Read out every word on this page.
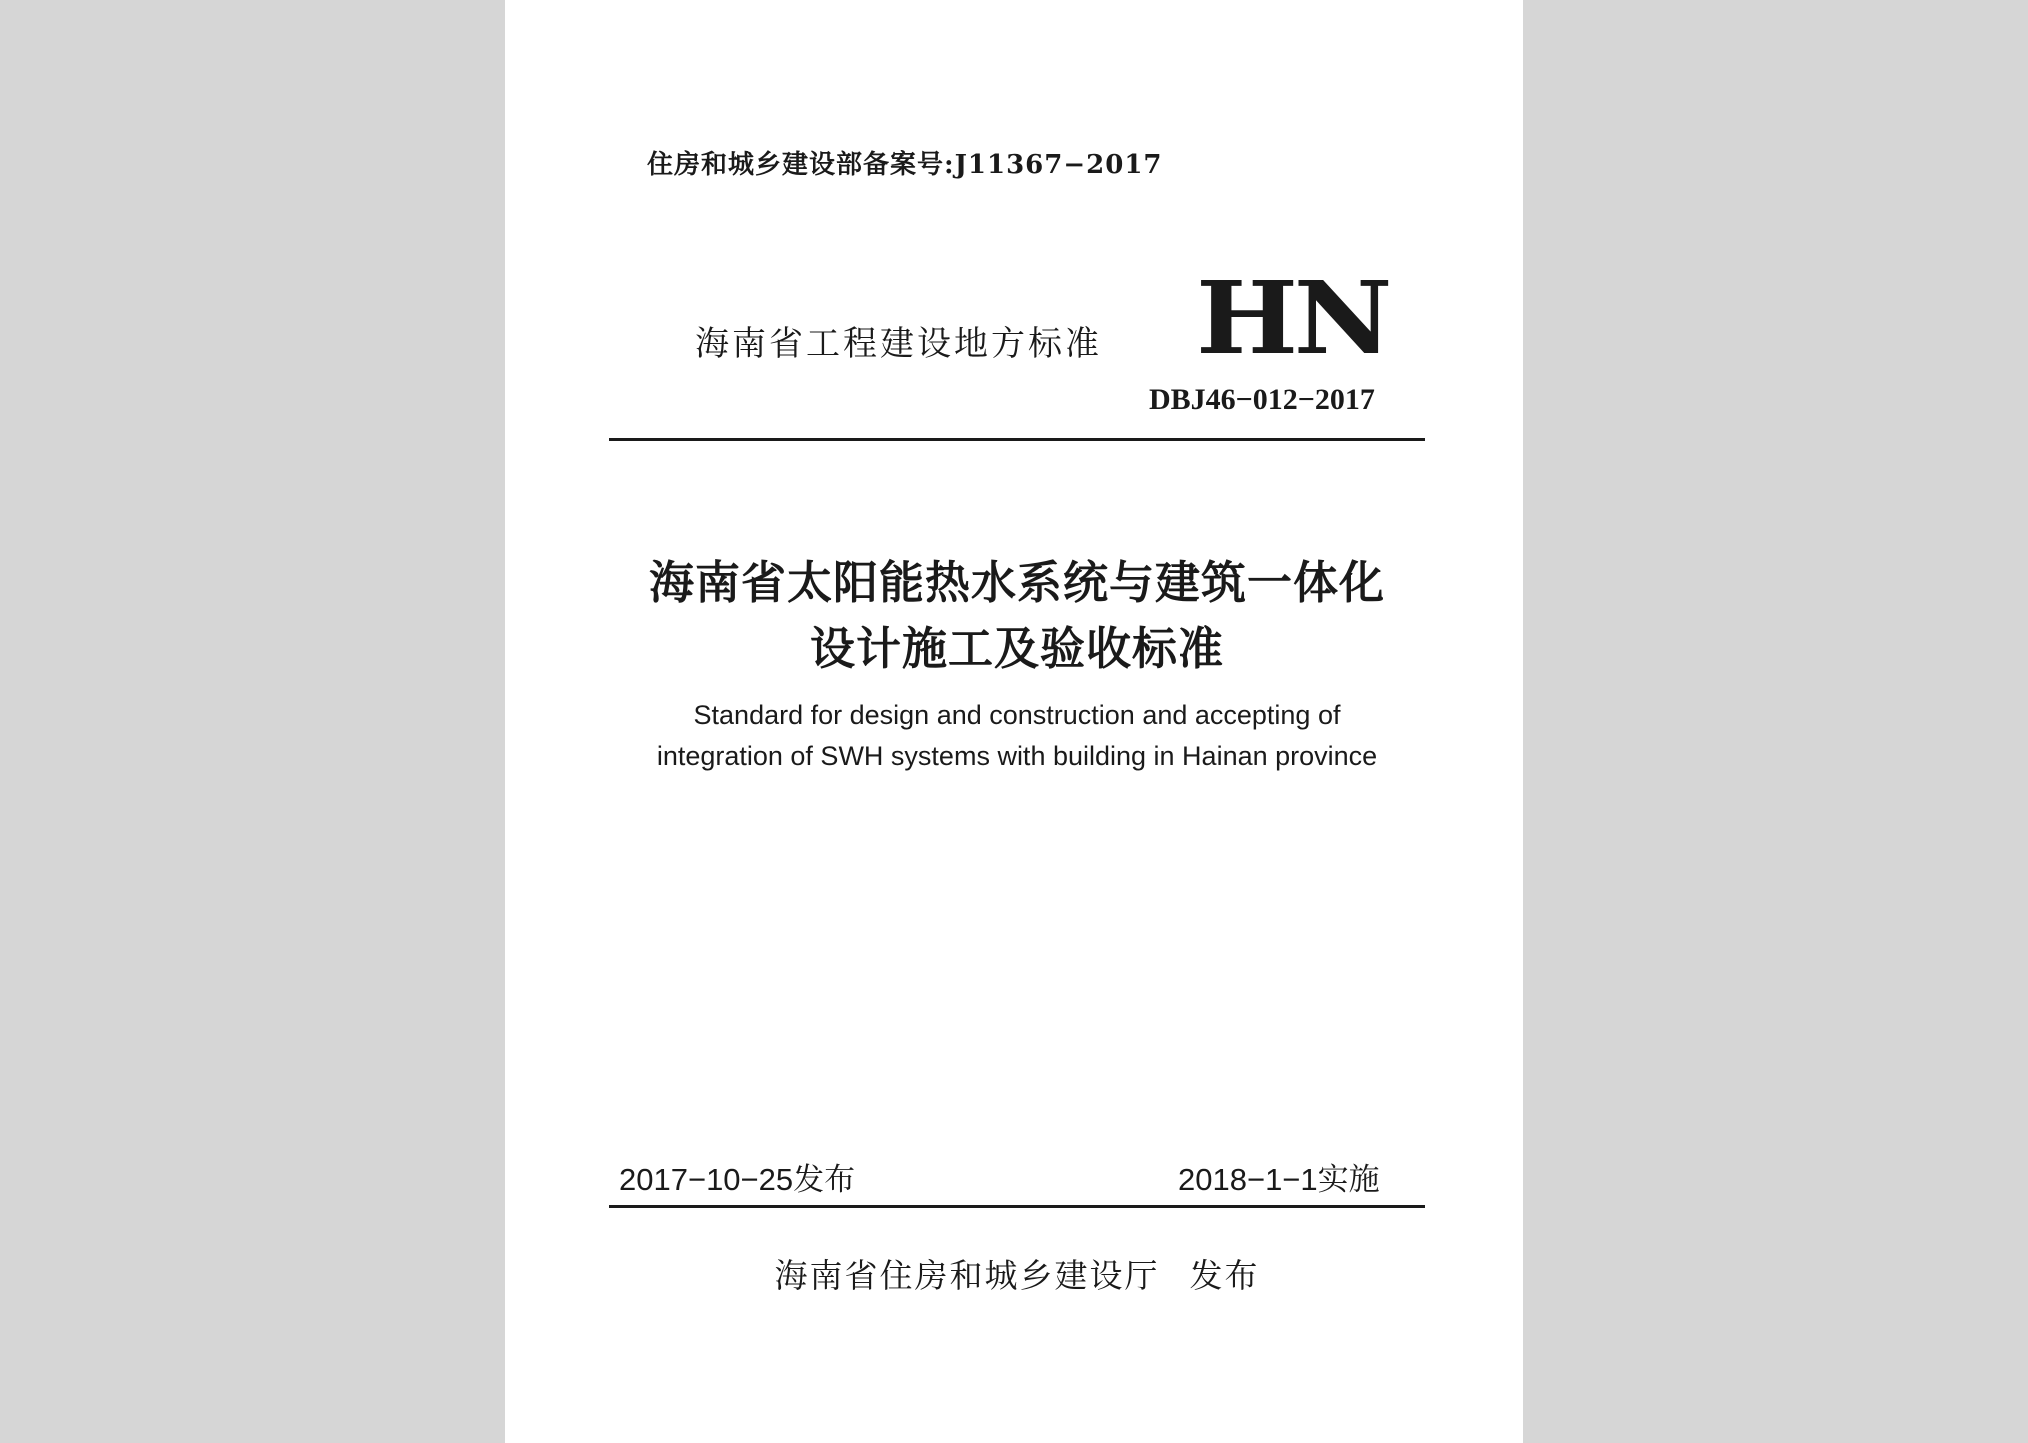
住房和城乡建设部备案号:J11367−2017
海南省工程建设地方标准 HN
DBJ46−012−2017
海南省太阳能热水系统与建筑一体化
设计施工及验收标准
Standard for design and construction and accepting of
integration of SWH systems with building in Hainan province
2017−10−25发布	2018−1−1实施
海南省住房和城乡建设厅 发布
